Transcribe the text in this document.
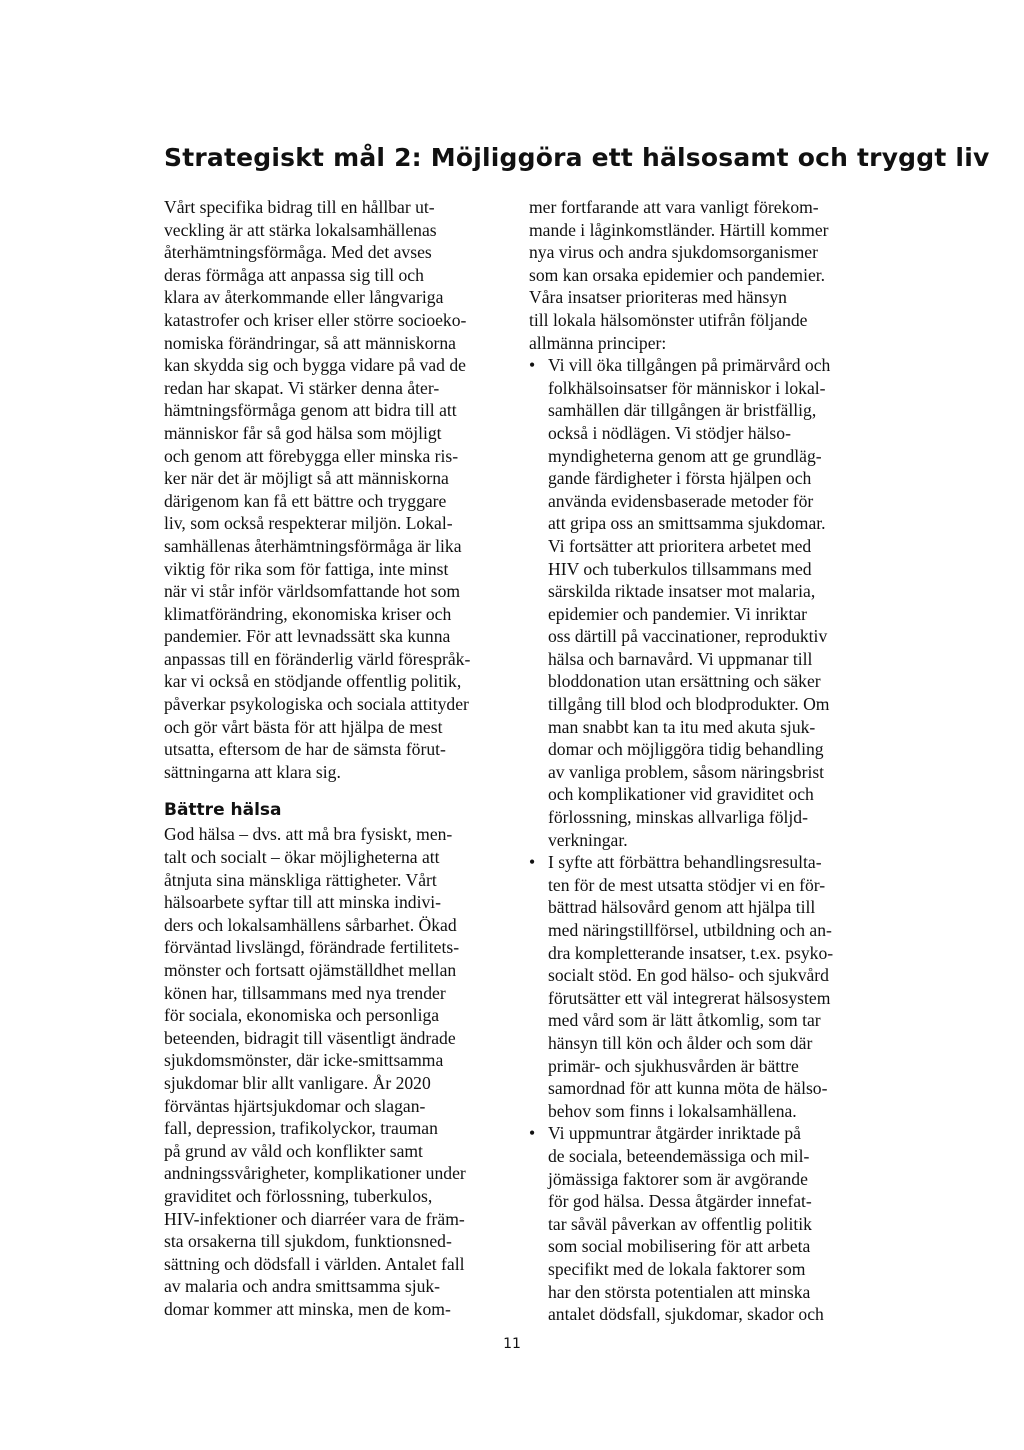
Strategiskt mål 2: Möjliggöra ett hälsosamt och tryggt liv

Vårt specifika bidrag till en hållbar ut-
veckling är att stärka lokalsamhällenas
återhämtningsförmåga. Med det avses
deras förmåga att anpassa sig till och
klara av återkommande eller långvariga
katastrofer och kriser eller större socioeko-
nomiska förändringar, så att människorna
kan skydda sig och bygga vidare på vad de
redan har skapat. Vi stärker denna åter-
hämtningsförmåga genom att bidra till att
människor får så god hälsa som möjligt
och genom att förebygga eller minska ris-
ker när det är möjligt så att människorna
därigenom kan få ett bättre och tryggare
liv, som också respekterar miljön. Lokal-
samhällenas återhämtningsförmåga är lika
viktig för rika som för fattiga, inte minst
när vi står inför världsomfattande hot som
klimatförändring, ekonomiska kriser och
pandemier. För att levnadssätt ska kunna
anpassas till en föränderlig värld förespråk-
kar vi också en stödjande offentlig politik,
påverkar psykologiska och sociala attityder
och gör vårt bästa för att hjälpa de mest
utsatta, eftersom de har de sämsta förut-
sättningarna att klara sig.

Bättre hälsa

God hälsa – dvs. att må bra fysiskt, men-
talt och socialt – ökar möjligheterna att
åtnjuta sina mänskliga rättigheter. Vårt
hälsoarbete syftar till att minska indivi-
ders och lokalsamhällens sårbarhet. Ökad
förväntad livslängd, förändrade fertilitets-
mönster och fortsatt ojämställdhet mellan
könen har, tillsammans med nya trender
för sociala, ekonomiska och personliga
beteenden, bidragit till väsentligt ändrade
sjukdomsmönster, där icke-smittsamma
sjukdomar blir allt vanligare. År 2020
förväntas hjärtsjukdomar och slagan-
fall, depression, trafikolyckor, trauman
på grund av våld och konflikter samt
andningssvårigheter, komplikationer under
graviditet och förlossning, tuberkulos,
HIV-infektioner och diarréer vara de främ-
sta orsakerna till sjukdom, funktionsned-
sättning och dödsfall i världen. Antalet fall
av malaria och andra smittsamma sjuk-
domar kommer att minska, men de kom-

mer fortfarande att vara vanligt förekom-
mande i låginkomstländer. Härtill kommer
nya virus och andra sjukdomsorganismer
som kan orsaka epidemier och pandemier.
Våra insatser prioriteras med hänsyn
till lokala hälsomönster utifrån följande
allmänna principer:

• Vi vill öka tillgången på primärvård och
folkhälsoinsatser för människor i lokal-
samhällen där tillgången är bristfällig,
också i nödlägen. Vi stödjer hälso-
myndigheterna genom att ge grundläg-
gande färdigheter i första hjälpen och
använda evidensbaserade metoder för
att gripa oss an smittsamma sjukdomar.
Vi fortsätter att prioritera arbetet med
HIV och tuberkulos tillsammans med
särskilda riktade insatser mot malaria,
epidemier och pandemier. Vi inriktar
oss därtill på vaccinationer, reproduktiv
hälsa och barnavård. Vi uppmanar till
bloddonation utan ersättning och säker
tillgång till blod och blodprodukter. Om
man snabbt kan ta itu med akuta sjuk-
domar och möjliggöra tidig behandling
av vanliga problem, såsom näringsbrist
och komplikationer vid graviditet och
förlossning, minskas allvarliga följd-
verkningar.
• I syfte att förbättra behandlingsresulta-
ten för de mest utsatta stödjer vi en för-
bättrad hälsovård genom att hjälpa till
med näringstillförsel, utbildning och an-
dra kompletterande insatser, t.ex. psyko-
socialt stöd. En god hälso- och sjukvård
förutsätter ett väl integrerat hälsosystem
med vård som är lätt åtkomlig, som tar
hänsyn till kön och ålder och som där
primär- och sjukhusvården är bättre
samordnad för att kunna möta de hälso-
behov som finns i lokalsamhällena.
• Vi uppmuntrar åtgärder inriktade på
de sociala, beteendemässiga och mil-
jömässiga faktorer som är avgörande
för god hälsa. Dessa åtgärder innefat-
tar såväl påverkan av offentlig politik
som social mobilisering för att arbeta
specifikt med de lokala faktorer som
har den största potentialen att minska
antalet dödsfall, sjukdomar, skador och
11
